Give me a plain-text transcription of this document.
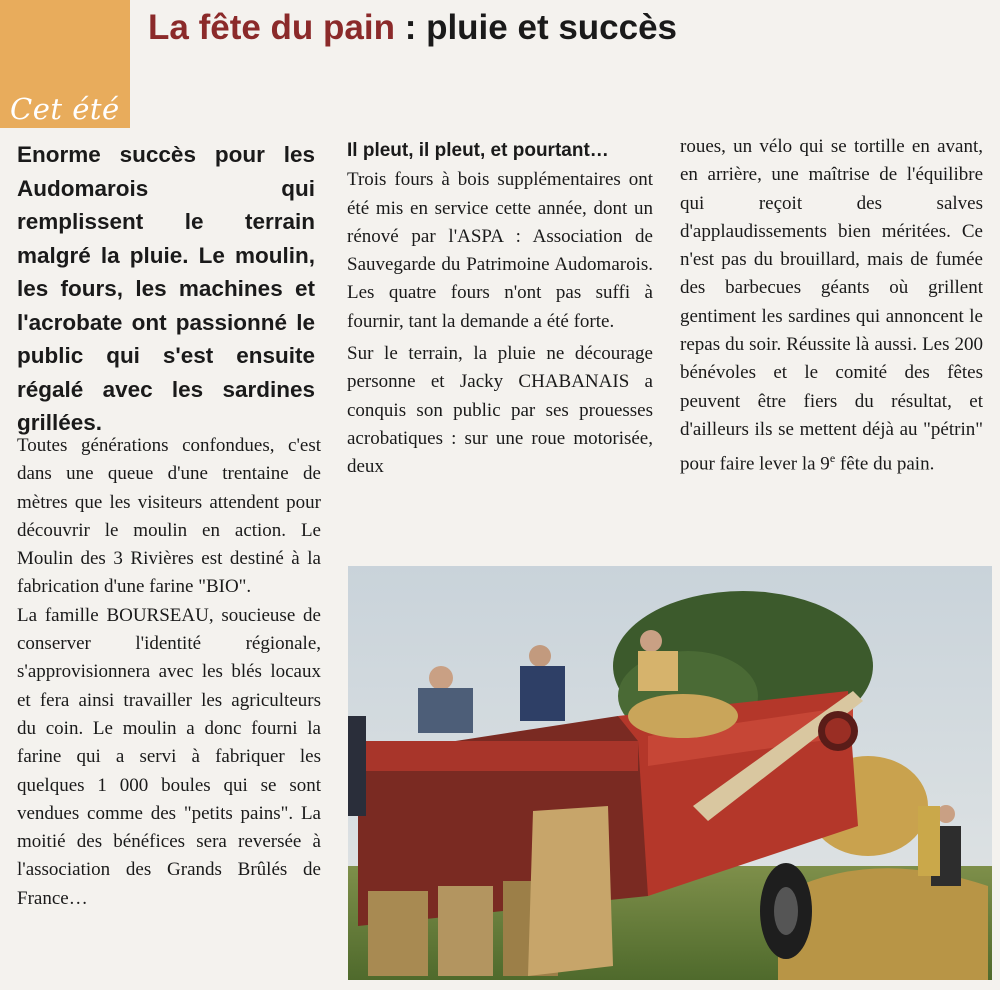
Cet été
La fête du pain : pluie et succès
Enorme succès pour les Audomarois qui remplissent le terrain malgré la pluie. Le moulin, les fours, les machines et l'acrobate ont passionné le public qui s'est ensuite régalé avec les sardines grillées.

Toutes générations confondues, c'est dans une queue d'une trentaine de mètres que les visiteurs attendent pour découvrir le moulin en action. Le Moulin des 3 Rivières est destiné à la fabrication d'une farine "BIO".

La famille BOURSEAU, soucieuse de conserver l'identité régionale, s'approvisionnera avec les blés locaux et fera ainsi travailler les agriculteurs du coin. Le moulin a donc fourni la farine qui a servi à fabriquer les quelques 1 000 boules qui se sont vendues comme des "petits pains". La moitié des bénéfices sera reversée à l'association des Grands Brûlés de France…

Il pleut, il pleut, et pourtant…

Trois fours à bois supplémentaires ont été mis en service cette année, dont un rénové par l'ASPA : Association de Sauvegarde du Patrimoine Audomarois. Les quatre fours n'ont pas suffi à fournir, tant la demande a été forte.

Sur le terrain, la pluie ne décourage personne et Jacky CHABANAIS a conquis son public par ses prouesses acrobatiques : sur une roue motorisée, deux

roues, un vélo qui se tortille en avant, en arrière, une maîtrise de l'équilibre qui reçoit des salves d'applaudissements bien méritées. Ce n'est pas du brouillard, mais de fumée des barbecues géants où grillent gentiment les sardines qui annoncent le repas du soir. Réussite là aussi. Les 200 bénévoles et le comité des fêtes peuvent être fiers du résultat, et d'ailleurs ils se mettent déjà au "pétrin" pour faire lever la 9e fête du pain.
